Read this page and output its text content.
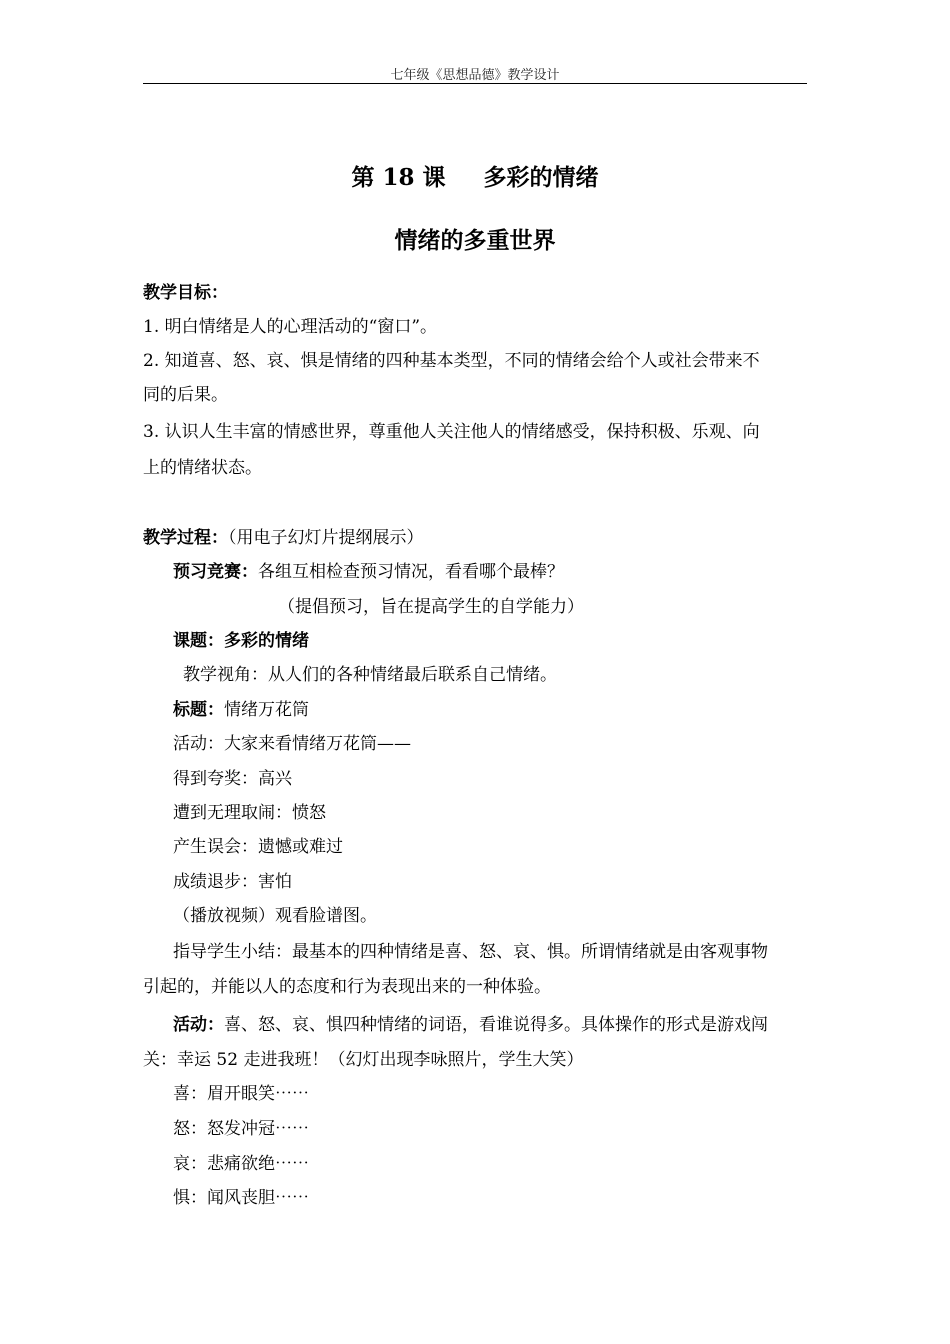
七年级《思想品德》教学设计
第 18 课 多彩的情绪
情绪的多重世界
教学目标：
1. 明白情绪是人的心理活动的“窗口”。
2. 知道喜、怒、哀、惧是情绪的四种基本类型，不同的情绪会给个人或社会带来不
同的后果。
3. 认识人生丰富的情感世界，尊重他人关注他人的情绪感受，保持积极、乐观、向
上的情绪状态。
教学过程：（用电子幻灯片提纲展示）
预习竞赛：各组互相检查预习情况，看看哪个最棒？
（提倡预习，旨在提高学生的自学能力）
课题：多彩的情绪
教学视角：从人们的各种情绪最后联系自己情绪。
标题：情绪万花筒
活动：大家来看情绪万花筒——
得到夸奖：高兴
遭到无理取闹：愤怒
产生误会：遗憾或难过
成绩退步：害怕
（播放视频）观看脸谱图。
指导学生小结：最基本的四种情绪是喜、怒、哀、惧。所谓情绪就是由客观事物
引起的，并能以人的态度和行为表现出来的一种体验。
活动：喜、怒、哀、惧四种情绪的词语，看谁说得多。具体操作的形式是游戏闯
关：幸运 52 走进我班！（幻灯出现李咏照片，学生大笑）
喜：眉开眼笑⋯⋯
怒：怒发冲冠⋯⋯
哀：悲痛欲绝⋯⋯
惧：闻风丧胆⋯⋯
